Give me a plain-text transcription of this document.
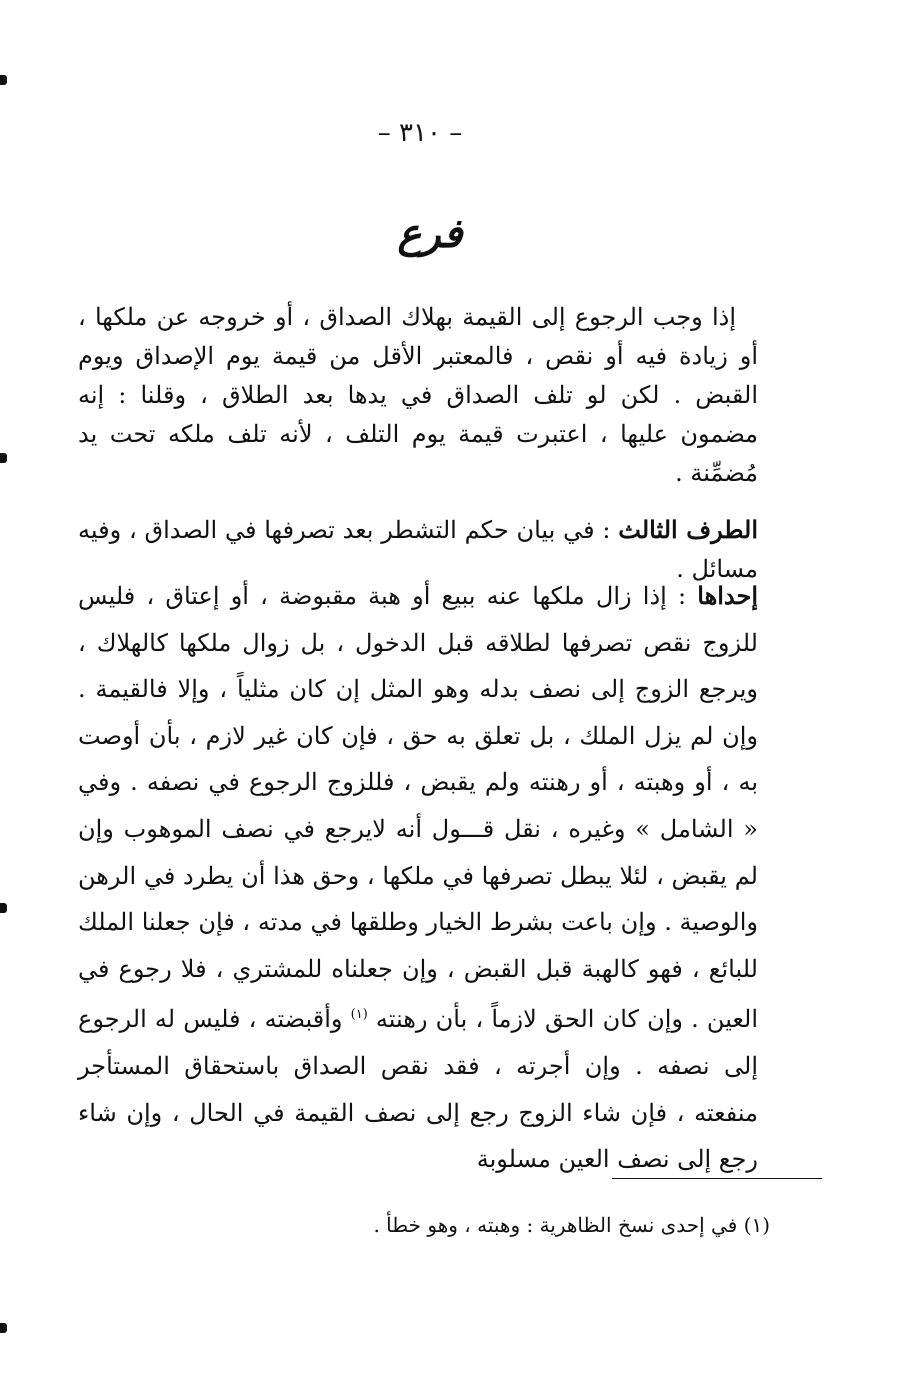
– ٣١٠ –
فرع
إذا وجب الرجوع إلى القيمة بهلاك الصداق ، أو خروجه عن ملكها ، أو زيادة فيه أو نقص ، فالمعتبر الأقل من قيمة يوم الإصداق ويوم القبض . لكن لو تلف الصداق في يدها بعد الطلاق ، وقلنا : إنه مضمون عليها ، اعتبرت قيمة يوم التلف ، لأنه تلف ملكه تحت يد مُضمِّنة .
الطرف الثالث : في بيان حكم التشطر بعد تصرفها في الصداق ، وفيه مسائل .
إحداها : إذا زال ملكها عنه ببيع أو هبة مقبوضة ، أو إعتاق ، فليس للزوج نقص تصرفها لطلاقه قبل الدخول ، بل زوال ملكها كالهلاك ، ويرجع الزوج إلى نصف بدله وهو المثل إن كان مثلياً ، وإلا فالقيمة . وإن لم يزل الملك ، بل تعلق به حق ، فإن كان غير لازم ، بأن أوصت به ، أو وهبته ، أو رهنته ولم يقبض ، فللزوج الرجوع في نصفه . وفي « الشامل » وغيره ، نقل قـــول أنه لايرجع في نصف الموهوب وإن لم يقبض ، لئلا يبطل تصرفها في ملكها ، وحق هذا أن يطرد في الرهن والوصية . وإن باعت بشرط الخيار وطلقها في مدته ، فإن جعلنا الملك للبائع ، فهو كالهبة قبل القبض ، وإن جعلناه للمشتري ، فلا رجوع في العين . وإن كان الحق لازماً ، بأن رهنته $^{(١)}$ وأقبضته ، فليس له الرجوع إلى نصفه . وإن أجرته ، فقد نقص الصداق باستحقاق المستأجر منفعته ، فإن شاء الزوج رجع إلى نصف القيمة في الحال ، وإن شاء رجع إلى نصف العين مسلوبة
(١) في إحدى نسخ الظاهرية : وهبته ، وهو خطأ .
